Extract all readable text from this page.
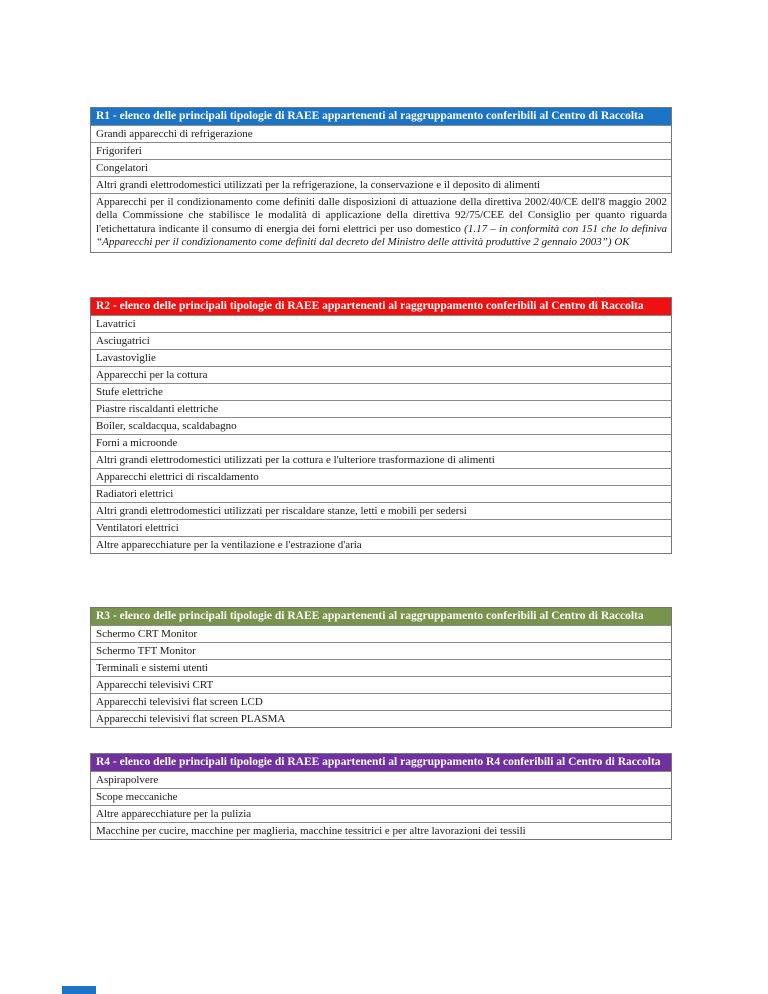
R1 - elenco delle principali tipologie di RAEE appartenenti al raggruppamento conferibili al Centro di Raccolta
Grandi apparecchi di refrigerazione
Frigoriferi
Congelatori
Altri grandi elettrodomestici utilizzati per la refrigerazione, la conservazione e il deposito di alimenti
Apparecchi per il condizionamento come definiti dalle disposizioni di attuazione della direttiva 2002/40/CE dell'8 maggio 2002 della Commissione che stabilisce le modalità di applicazione della direttiva 92/75/CEE del Consiglio per quanto riguarda l'etichettatura indicante il consumo di energia dei forni elettrici per uso domestico (1.17 – in conformità con 151 che lo definiva “Apparecchi per il condizionamento come definiti dal decreto del Ministro delle attività produttive 2 gennaio 2003”) OK
R2 - elenco delle principali tipologie di RAEE appartenenti al raggruppamento conferibili al Centro di Raccolta
Lavatrici
Asciugatrici
Lavastoviglie
Apparecchi per la cottura
Stufe elettriche
Piastre riscaldanti elettriche
Boiler, scaldacqua, scaldabagno
Forni a microonde
Altri grandi elettrodomestici utilizzati per la cottura e l'ulteriore trasformazione di alimenti
Apparecchi elettrici di riscaldamento
Radiatori elettrici
Altri grandi elettrodomestici utilizzati per riscaldare stanze, letti e mobili per sedersi
Ventilatori elettrici
Altre apparecchiature per la ventilazione e l'estrazione d'aria
R3 - elenco delle principali tipologie di RAEE appartenenti al raggruppamento conferibili al Centro di Raccolta
Schermo CRT Monitor
Schermo TFT Monitor
Terminali e sistemi utenti
Apparecchi televisivi CRT
Apparecchi televisivi flat screen LCD
Apparecchi televisivi flat screen PLASMA
R4 - elenco delle principali tipologie di RAEE appartenenti al raggruppamento R4 conferibili al Centro di Raccolta
Aspirapolvere
Scope meccaniche
Altre apparecchiature per la pulizia
Macchine per cucire, macchine per maglieria, macchine tessitrici e per altre lavorazioni dei tessili
